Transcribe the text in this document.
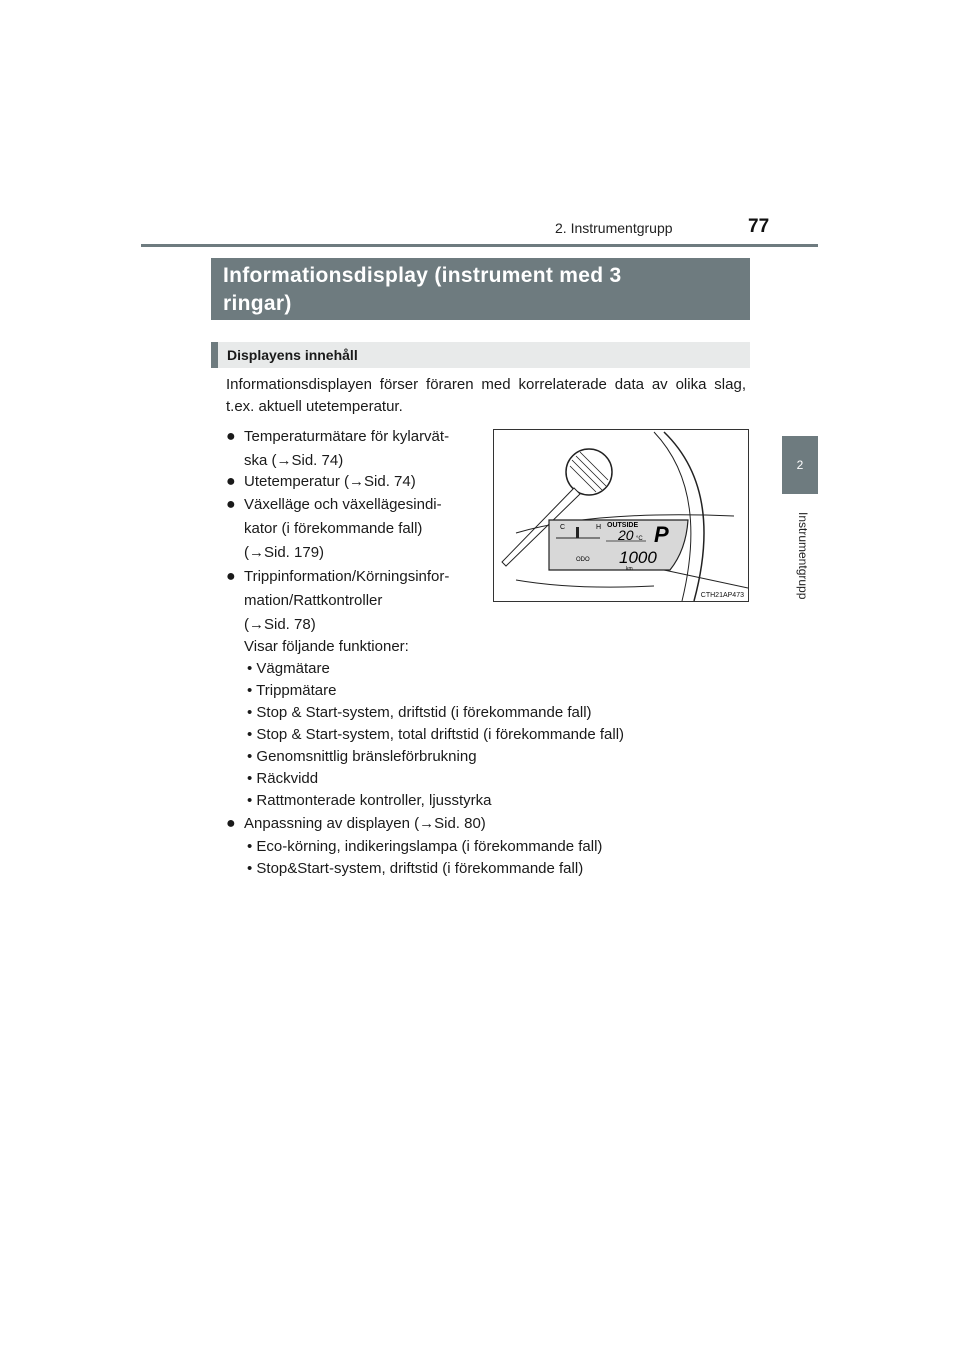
2. Instrumentgrupp	77
2
Instrumentgrupp
Informationsdisplay (instrument med 3
ringar)
Displayens innehåll

Informationsdisplayen förser föraren med korrelaterade data av olika slag, t.ex. aktuell utetemperatur.

● Temperaturmätare för kylarvät-
ska (→Sid. 74)
● Utetemperatur (→Sid. 74)
● Växelläge och växellägesindi-
kator (i förekommande fall)
(→Sid. 179)
● Trippinformation/Körningsinfor-
mation/Rattkontroller
(→Sid. 78)
Visar följande funktioner:
• Vägmätare
• Trippmätare
• Stop & Start-system, driftstid (i förekommande fall)
• Stop & Start-system, total driftstid (i förekommande fall)
• Genomsnittlig bränsleförbrukning
• Räckvidd
• Rattmonterade kontroller, ljusstyrka
● Anpassning av displayen (→Sid. 80)
• Eco-körning, indikeringslampa (i förekommande fall)
• Stop&Start-system, driftstid (i förekommande fall)
C	H OUTSIDE
20 °C P
ODO 1000
km
CTH21AP473
